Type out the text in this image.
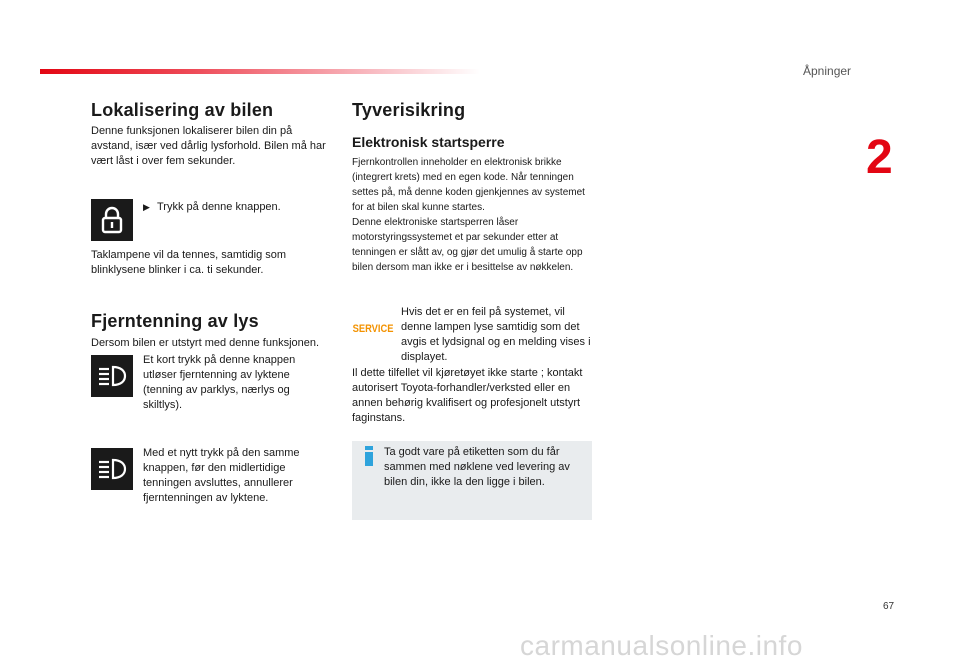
Åpninger
2
Lokalisering av bilen
Denne funksjonen lokaliserer bilen din på avstand, især ved dårlig lysforhold. Bilen må har vært låst i over fem sekunder.
▶ Trykk på denne knappen.
Taklampene vil da tennes, samtidig som blinklysene blinker i ca. ti sekunder.
Fjerntenning av lys
Dersom bilen er utstyrt med denne funksjonen.
Et kort trykk på denne knappen utløser fjerntenning av lyktene (tenning av parklys, nærlys og skiltlys).
Med et nytt trykk på den samme knappen, før den midlertidige tenningen avsluttes, annullerer fjerntenningen av lyktene.
Tyverisikring
Elektronisk startsperre
Fjernkontrollen inneholder en elektronisk brikke (integrert krets) med en egen kode. Når tenningen settes på, må denne koden gjenkjennes av systemet for at bilen skal kunne startes.
Denne elektroniske startsperren låser motorstyringssystemet et par sekunder etter at tenningen er slått av, og gjør det umulig å starte opp bilen dersom man ikke er i besittelse av nøkkelen.
SERVICE
Hvis det er en feil på systemet, vil denne lampen lyse samtidig som det avgis et lydsignal og en melding vises i displayet.
Il dette tilfellet vil kjøretøyet ikke starte ; kontakt autorisert Toyota-forhandler/verksted eller en annen behørig kvalifisert og profesjonelt utstyrt faginstans.
Ta godt vare på etiketten som du får sammen med nøklene ved levering av bilen din, ikke la den ligge i bilen.
67
carmanualsonline.info
